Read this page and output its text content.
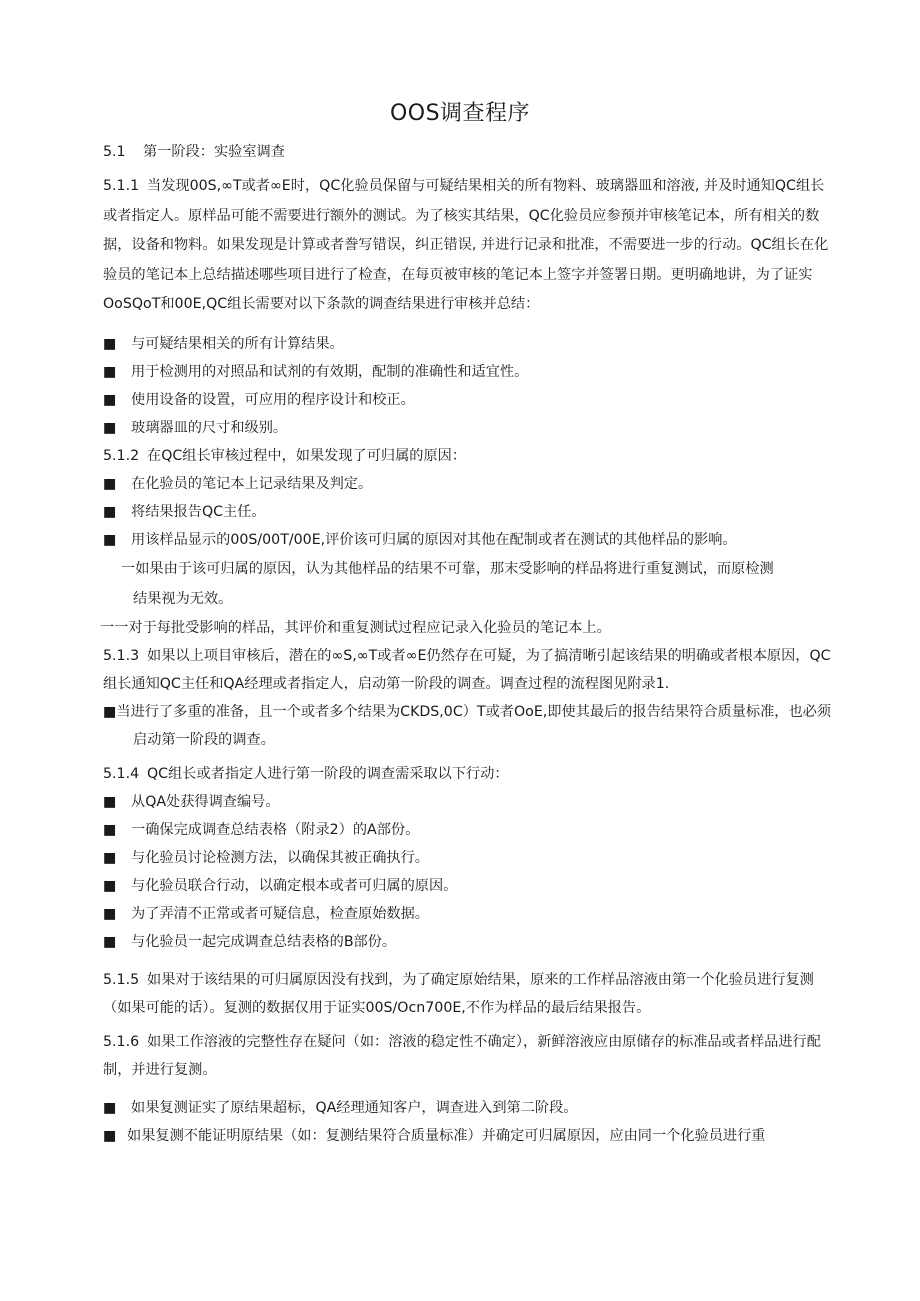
OOS调查程序

5.1 第一阶段：实验室调查

5.1.1 当发现00S,∞T或者∞E时，QC化验员保留与可疑结果相关的所有物料、玻璃器皿和溶液, 并及时通知QC组长或者指定人。原样品可能不需要进行额外的测试。为了核实其结果，QC化验员应参预并审核笔记本，所有相关的数据，设备和物料。如果发现是计算或者誊写错误，纠正错误, 并进行记录和批准，不需要进一步的行动。QC组长在化验员的笔记本上总结描述哪些项目进行了检查，在每页被审核的笔记本上签字并签署日期。更明确地讲，为了证实OoSQoT和00E,QC组长需要对以下条款的调查结果进行审核并总结：

■ 与可疑结果相关的所有计算结果。

■ 用于检测用的对照品和试剂的有效期，配制的准确性和适宜性。

■ 使用设备的设置，可应用的程序设计和校正。

■ 玻璃器皿的尺寸和级别。

5.1.2 在QC组长审核过程中，如果发现了可归属的原因：

■ 在化验员的笔记本上记录结果及判定。

■ 将结果报告QC主任。

■ 用该样品显示的00S/00T/00E,评价该可归属的原因对其他在配制或者在测试的其他样品的影响。

一如果由于该可归属的原因，认为其他样品的结果不可靠，那末受影响的样品将进行重复测试，而原检测

结果视为无效。

一一对于每批受影响的样品，其评价和重复测试过程应记录入化验员的笔记本上。

5.1.3 如果以上项目审核后，潜在的∞S,∞T或者∞E仍然存在可疑，为了搞清晰引起该结果的明确或者根本原因，QC组长通知QC主任和QA经理或者指定人，启动第一阶段的调查。调查过程的流程图见附录1.

■当进行了多重的准备，且一个或者多个结果为CKDS,0C）T或者OoE,即使其最后的报告结果符合质量标准，也必须启动第一阶段的调查。

5.1.4 QC组长或者指定人进行第一阶段的调查需采取以下行动：

■ 从QA处获得调查编号。

■ 一确保完成调查总结表格（附录2）的A部份。

■ 与化验员讨论检测方法，以确保其被正确执行。

■ 与化验员联合行动，以确定根本或者可归属的原因。

■ 为了弄清不正常或者可疑信息，检查原始数据。

■ 与化验员一起完成调查总结表格的B部份。

5.1.5 如果对于该结果的可归属原因没有找到，为了确定原始结果，原来的工作样品溶液由第一个化验员进行复测（如果可能的话）。复测的数据仅用于证实00S∕Ocn700E,不作为样品的最后结果报告。

5.1.6 如果工作溶液的完整性存在疑问（如：溶液的稳定性不确定），新鲜溶液应由原储存的标准品或者样品进行配制，并进行复测。

■ 如果复测证实了原结果超标，QA经理通知客户，调查进入到第二阶段。

■ 如果复测不能证明原结果（如：复测结果符合质量标准）并确定可归属原因，应由同一个化验员进行重
